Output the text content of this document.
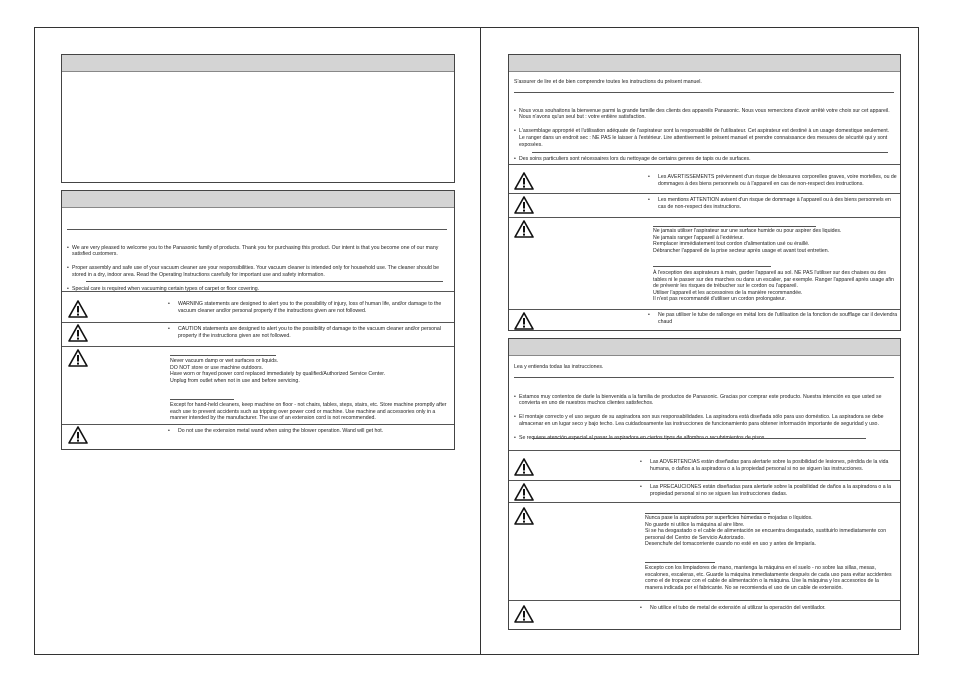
• We are very pleased to welcome you to the Panasonic family of products. Thank you for purchasing this product. Our intent is that you become one of our many satisfied customers.

• Proper assembly and safe use of your vacuum cleaner are your responsibilities. Your vacuum cleaner is intended only for household use. The cleaner should be stored in a dry, indoor area. Read the Operating Instructions carefully for important use and safety information.

• Special care is required when vacuuming certain types of carpet or floor covering.

• WARNING statements are designed to alert you to the possibility of injury, loss of human life, and/or damage to the vacuum cleaner and/or personal property if the instructions given are not followed.
• CAUTION statements are designed to alert you to the possibility of damage to the vacuum cleaner and/or personal property if the instructions given are not followed.
Never vacuum damp or wet surfaces or liquids.
DO NOT store or use machine outdoors.
Have worn or frayed power cord replaced immediately by qualified/Authorized Service Center.
Unplug from outlet when not in use and before servicing.
Except for hand-held cleaners, keep machine on floor - not chairs, tables, steps, stairs, etc. Store machine promptly after each use to prevent accidents such as tripping over power cord or machine. Use machine and accessories only in a manner intended by the manufacturer. The use of an extension cord is not recommended.
• Do not use the extension metal wand when using the blower operation. Wand will get hot.
S'assurer de lire et de bien comprendre toutes les instructions du présent manuel.

• Nous vous souhaitons la bienvenue parmi la grande famille des clients des appareils Panasonic. Nous vous remercions d'avoir arrêté votre choix sur cet appareil. Nous n'avons qu'un seul but : votre entière satisfaction.

• L'assemblage approprié et l'utilisation adéquate de l'aspirateur sont la responsabilité de l'utilisateur. Cet aspirateur est destiné à un usage domestique seulement. Le ranger dans un endroit sec : NE PAS le laisser à l'extérieur. Lire attentivement le présent manuel et prendre connaissance des mesures de sécurité qui y sont exposées.

• Des soins particuliers sont nécessaires lors du nettoyage de certains genres de tapis ou de surfaces.

• Les AVERTISSEMENTS préviennent d'un risque de blessures corporelles graves, voire mortelles, ou de dommages à des biens personnels ou à l'appareil en cas de non-respect des instructions.
• Les mentions ATTENTION avisent d'un risque de dommage à l'appareil ou à des biens personnels en cas de non-respect des instructions.
Ne jamais utiliser l'aspirateur sur une surface humide ou pour aspirer des liquides.
Ne jamais ranger l'appareil à l'extérieur.
Remplacer immédiatement tout cordon d'alimentation usé ou éraillé.
Débrancher l'appareil de la prise secteur après usage et avant tout entretien.
À l'exception des aspirateurs à main, garder l'appareil au sol. NE PAS l'utiliser sur des chaises ou des tables ni le passer sur des marches ou dans un escalier, par exemple. Ranger l'appareil après usage afin de prévenir les risques de trébucher sur le cordon ou l'appareil.
Utiliser l'appareil et les accessoires de la manière recommandée.
Il n'est pas recommandé d'utiliser un cordon prolongateur.
• Ne pas utiliser le tube de rallonge en métal lors de l'utilisation de la fonction de soufflage car il deviendra chaud
Lea y entienda todas las instrucciones.

• Estamos muy contentos de darle la bienvenida a la familia de productos de Panasonic. Gracias por comprar este producto. Nuestra intención es que usted se convierta en uno de nuestros muchos clientes satisfechos.

• El montaje correcto y el uso seguro de su aspiradora son sus responsabilidades. La aspiradora está diseñada sólo para uso doméstico. La aspiradora se debe almacenar en un lugar seco y bajo techo. Lea cuidadosamente las instrucciones de funcionamiento para obtener información importante de seguridad y uso.

• Se requiere atención especial al pasar la aspiradora en ciertos tipos de alfombra o recubrimientos de pisos.

• Las ADVERTENCIAS están diseñadas para alertarle sobre la posibilidad de lesiones, pérdida de la vida humana, o daños a la aspiradora o a la propiedad personal si no se siguen las instrucciones.
• Las PRECAUCIONES están diseñadas para alertarle sobre la posibilidad de daños a la aspiradora o a la propiedad personal si no se siguen las instrucciones dadas.
Nunca pase la aspiradora por superficies húmedas o mojadas o líquidos.
No guarde ni utilice la máquina al aire libre.
Si se ha desgastado o el cable de alimentación se encuentra desgastado, sustituirlo inmediatamente con personal del Centro de Servicio Autorizado.
Desenchufe del tomacorriente cuando no esté en uso y antes de limpiaría.
Excepto con los limpiadores de mano, mantenga la máquina en el suelo - no sobre las sillas, mesas, escalones, escaleras, etc. Guarde la máquina inmediatamente después de cada uso para evitar accidentes como el de tropezar con el cable de alimentación o la máquina. Use la máquina y los accesorios de la manera indicada por el fabricante. No se recomienda el uso de un cable de extensión.
• No utilice el tubo de metal de extensión al utilizar la operación del ventilador.
